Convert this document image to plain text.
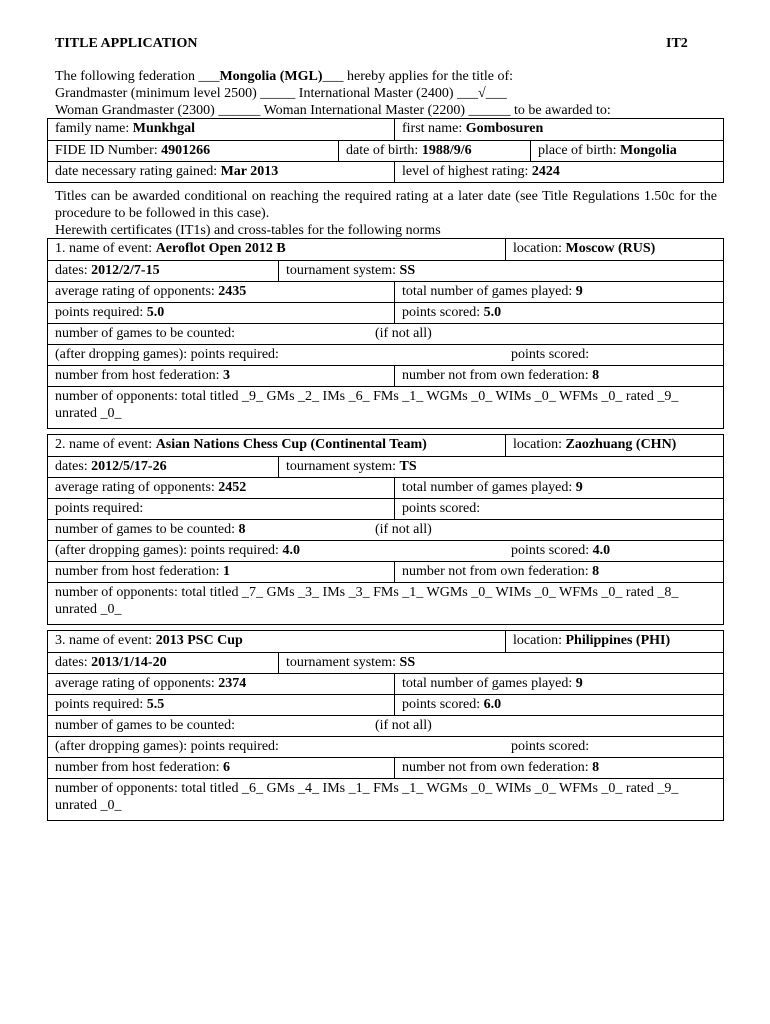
TITLE APPLICATION	IT2
The following federation ___Mongolia (MGL)___ hereby applies for the title of:
Grandmaster (minimum level 2500) _____ International Master (2400) ___√___
Woman Grandmaster (2300) ______ Woman International Master (2200) ______ to be awarded to:
family name: Munkhgal	first name: Gombosuren
FIDE ID Number: 4901266	date of birth: 1988/9/6	place of birth: Mongolia
date necessary rating gained: Mar 2013	level of highest rating: 2424
Titles can be awarded conditional on reaching the required rating at a later date (see Title Regulations 1.50c for the procedure to be followed in this case).
Herewith certificates (IT1s) and cross-tables for the following norms
1. name of event: Aeroflot Open 2012 B	location: Moscow (RUS)
dates: 2012/2/7-15	tournament system: SS
average rating of opponents: 2435	total number of games played: 9
points required: 5.0	points scored: 5.0
number of games to be counted:	(if not all)
(after dropping games): points required:	points scored:
number from host federation: 3	number not from own federation: 8
number of opponents: total titled _9_ GMs _2_ IMs _6_ FMs _1_ WGMs _0_ WIMs _0_ WFMs _0_ rated _9_ unrated _0_
2. name of event: Asian Nations Chess Cup (Continental Team)	location: Zaozhuang (CHN)
dates: 2012/5/17-26	tournament system: TS
average rating of opponents: 2452	total number of games played: 9
points required:	points scored:
number of games to be counted: 8	(if not all)
(after dropping games): points required: 4.0	points scored: 4.0
number from host federation: 1	number not from own federation: 8
number of opponents: total titled _7_ GMs _3_ IMs _3_ FMs _1_ WGMs _0_ WIMs _0_ WFMs _0_ rated _8_ unrated _0_
3. name of event: 2013 PSC Cup	location: Philippines (PHI)
dates: 2013/1/14-20	tournament system: SS
average rating of opponents: 2374	total number of games played: 9
points required: 5.5	points scored: 6.0
number of games to be counted:	(if not all)
(after dropping games): points required:	points scored:
number from host federation: 6	number not from own federation: 8
number of opponents: total titled _6_ GMs _4_ IMs _1_ FMs _1_ WGMs _0_ WIMs _0_ WFMs _0_ rated _9_ unrated _0_
